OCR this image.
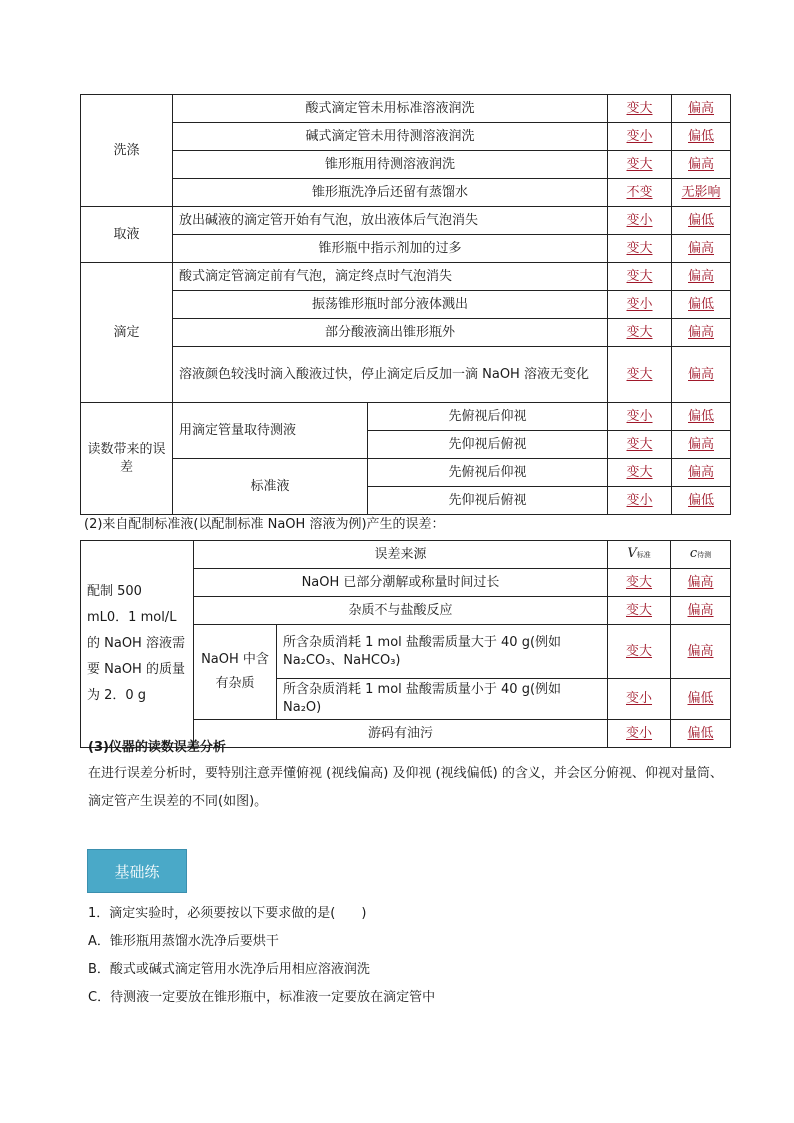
洗涤	酸式滴定管未用标准溶液润洗		变大	偏高
	碱式滴定管未用待测溶液润洗		变小	偏低
	锥形瓶用待测溶液润洗		变大	偏高
	锥形瓶洗净后还留有蒸馏水		不变	无影响
取液	放出碱液的滴定管开始有气泡，放出液体后气泡消失		变小	偏低
	锥形瓶中指示剂加的过多		变大	偏高
滴定	酸式滴定管滴定前有气泡，滴定终点时气泡消失		变大	偏高
	振荡锥形瓶时部分液体溅出		变小	偏低
	部分酸液滴出锥形瓶外		变大	偏高
	溶液颜色较浅时滴入酸液过快，停止滴定后反加一滴 NaOH 溶液无变化		变大	偏高
读数带来的误差	用滴定管量取待测液	先俯视后仰视	变小	偏低
		先仰视后俯视	变大	偏高
	标准液	先俯视后仰视	变大	偏高
		先仰视后俯视	变小	偏低
(2)来自配制标准液(以配制标准 NaOH 溶液为例)产生的误差：
配制 500 mL0．1 mol/L 的 NaOH 溶液需要 NaOH 的质量为 2．0 g	误差来源		V标准	c待测
	NaOH 已部分潮解或称量时间过长		变大	偏高
	杂质不与盐酸反应		变大	偏高
	NaOH 中含有杂质	所含杂质消耗 1 mol 盐酸需质量大于 40 g(例如 Na₂CO₃、NaHCO₃)	变大	偏高
		所含杂质消耗 1 mol 盐酸需质量小于 40 g(例如 Na₂O)	变小	偏低
	游码有油污		变小	偏低
(3)仪器的读数误差分析
在进行误差分析时，要特别注意弄懂俯视 (视线偏高) 及仰视 (视线偏低) 的含义，并会区分俯视、仰视对量筒、滴定管产生误差的不同(如图)。
基础练
1．滴定实验时，必须要按以下要求做的是(　　)
A．锥形瓶用蒸馏水洗净后要烘干
B．酸式或碱式滴定管用水洗净后用相应溶液润洗
C．待测液一定要放在锥形瓶中，标准液一定要放在滴定管中
